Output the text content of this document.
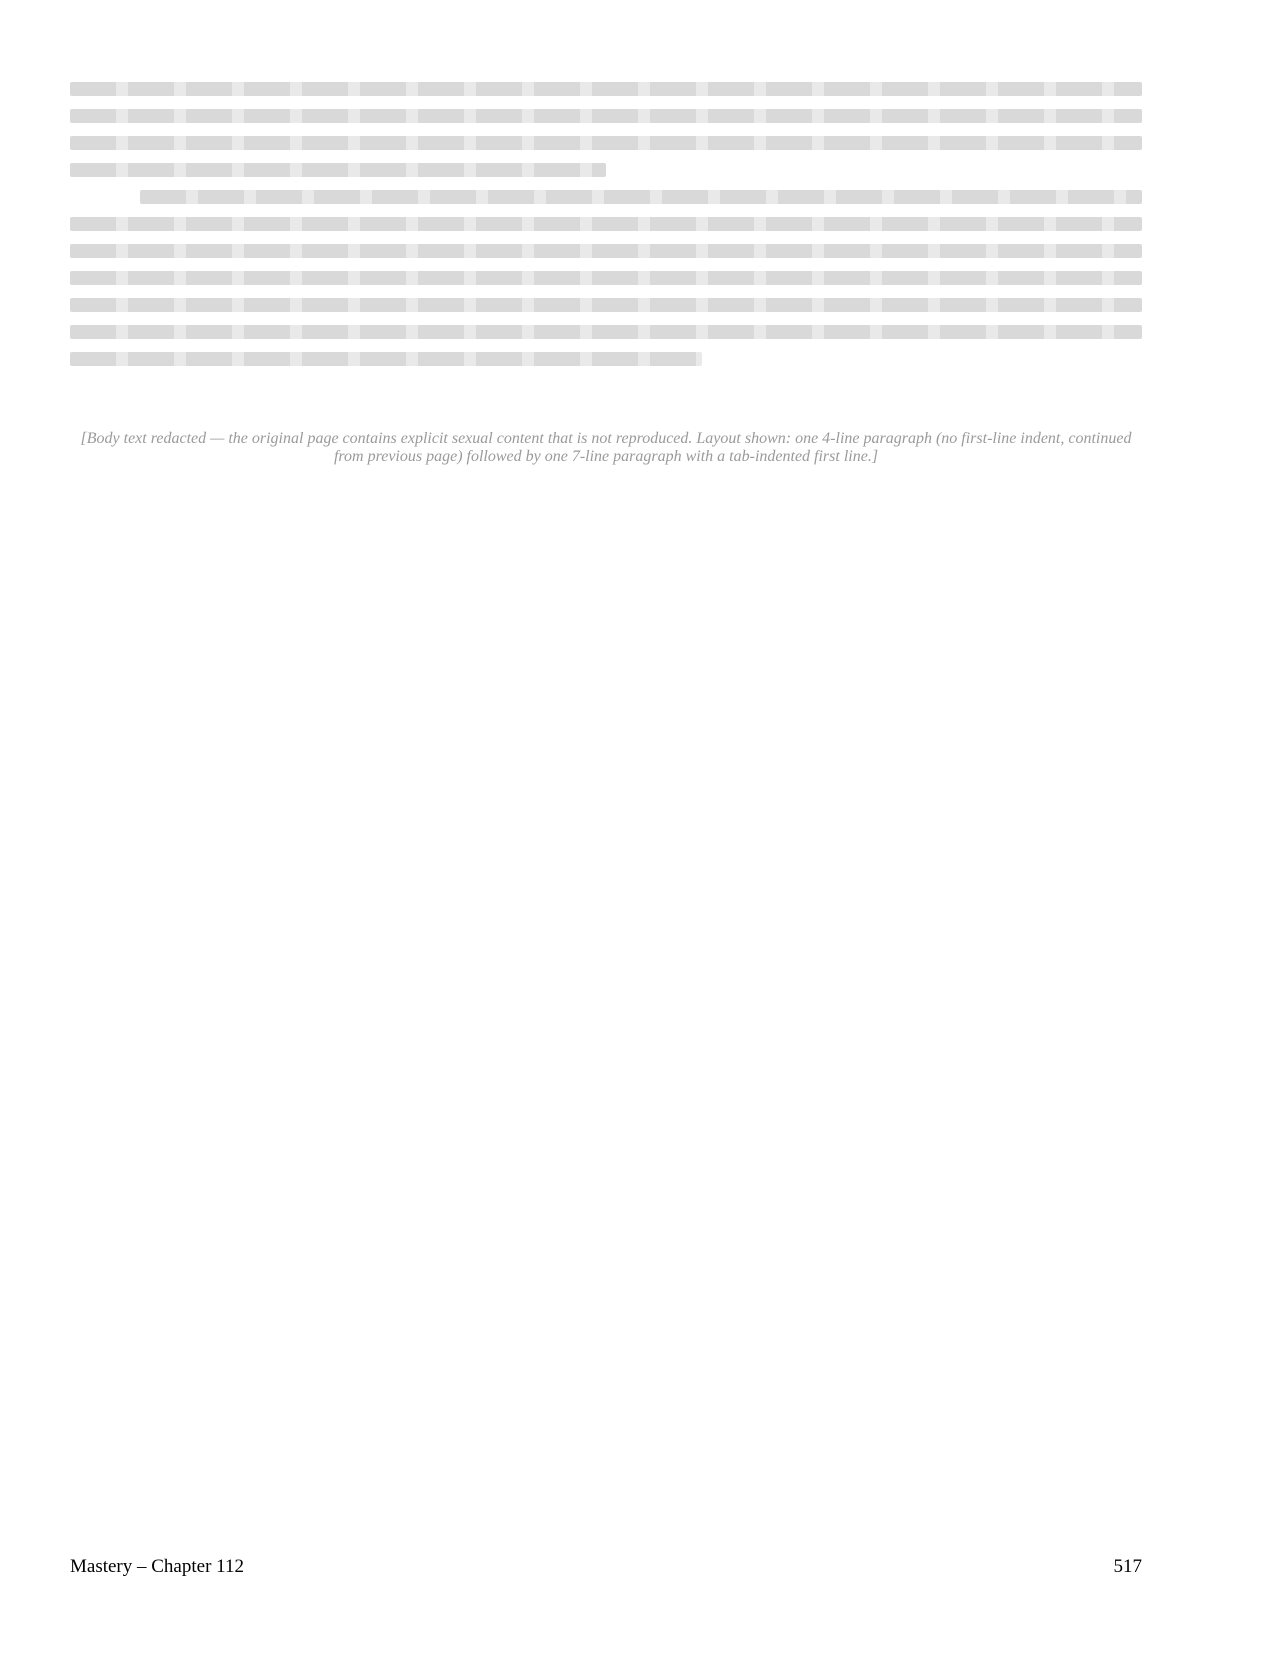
[Body text redacted — the original page contains explicit sexual content that is not reproduced. Layout shown: one 4-line paragraph (no first-line indent, continued from previous page) followed by one 7-line paragraph with a tab-indented first line.]
Mastery – Chapter 112	517
